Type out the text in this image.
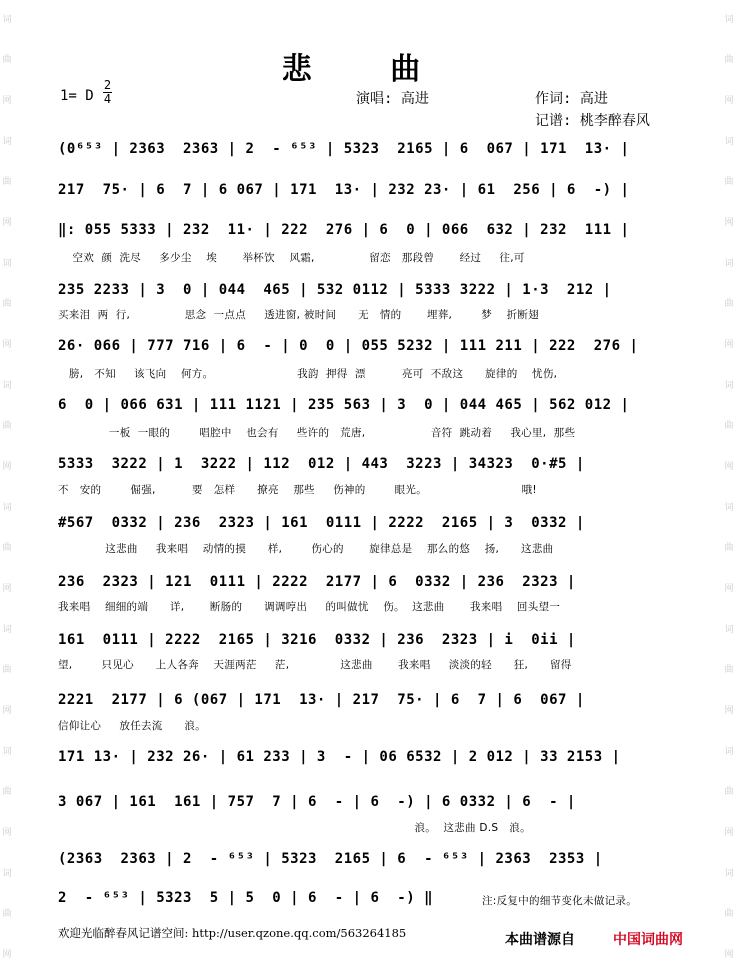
词
曲
网
词
曲
网
词
曲
网
词
曲
网
词
曲
网
词
曲
网
词
曲
网
词
曲
网
词
曲
网
词
曲
网
词
曲
网
词
曲
网
词
曲
网
词
曲
网
词
曲
网
词
曲
网
悲 曲
1= D
2
4	演唱: 高进	作词: 高进
记谱: 桃李醉春风
(0⁶⁵³ | 2363  2363 | 2  - ⁶⁵³ | 5323  2165 | 6  067 | 171  13· |
217  75· | 6  7 | 6 067 | 171  13· | 232 23· | 61  256 | 6  -) |
‖: 055 5333 | 232  11· | 222  276 | 6  0 | 066  632 | 232  111 |
空欢  颜  洗尽     多少尘    埃       举杯饮    风霜,               留恋   那段曾       经过     往,可
235 2233 | 3  0 | 044  465 | 532 0112 | 5333 3222 | 1·3  212 |
买来泪  两  行,               思念  一点点     透进窗, 被时间      无   情的       埋葬,        梦    折断翅
26· 066 | 777 716 | 6  - | 0  0 | 055 5232 | 111 211 | 222  276 |
膀,   不知     该飞向    何方。                       我韵  押得  漂          亮可  不敌这      旋律的    忧伤,
6  0 | 066 631 | 111 1121 | 235 563 | 3  0 | 044 465 | 562 012 |
一板  一眼的        唱腔中    也会有     些许的   荒唐,                  音符  跳动着     我心里,  那些
5333  3222 | 1  3222 | 112  012 | 443  3223 | 34323  0·#5 |
不   安的        倔强,          要   怎样      撩亮    那些     伤神的        眼光。                          哦!
#567  0332 | 236  2323 | 161  0111 | 2222  2165 | 3  0332 |
这悲曲     我来唱    动情的摸      样,        伤心的       旋律总是    那么的悠    扬,      这悲曲
236  2323 | 121  0111 | 2222  2177 | 6  0332 | 236  2323 |
我来唱    细细的端      详,       断肠的      调调哼出     的叫做忧    伤。  这悲曲       我来唱    回头望一
161  0111 | 2222  2165 | 3216  0332 | 236  2323 | i  0ii |
望,        只见心      上人各奔    天涯两茫     茫,              这悲曲       我来唱     淡淡的轻      狂,      留得
2221  2177 | 6 (067 | 171  13· | 217  75· | 6  7 | 6  067 |
信仰让心     放任去流      浪。
171 13· | 232 26· | 61 233 | 3  - | 06 6532 | 2 012 | 33 2153 |
3 067 | 161  161 | 757  7 | 6  - | 6  -) | 6 0332 | 6  - |
浪。  这悲曲 D.S   浪。
(2363  2363 | 2  - ⁶⁵³ | 5323  2165 | 6  - ⁶⁵³ | 2363  2353 |
2  - ⁶⁵³ | 5323  5 | 5  0 | 6  - | 6  -) ‖	注:反复中的细节变化未做记录。
欢迎光临醉春风记谱空间: http://user.qzone.qq.com/563264185	本曲谱源自	中国词曲网
